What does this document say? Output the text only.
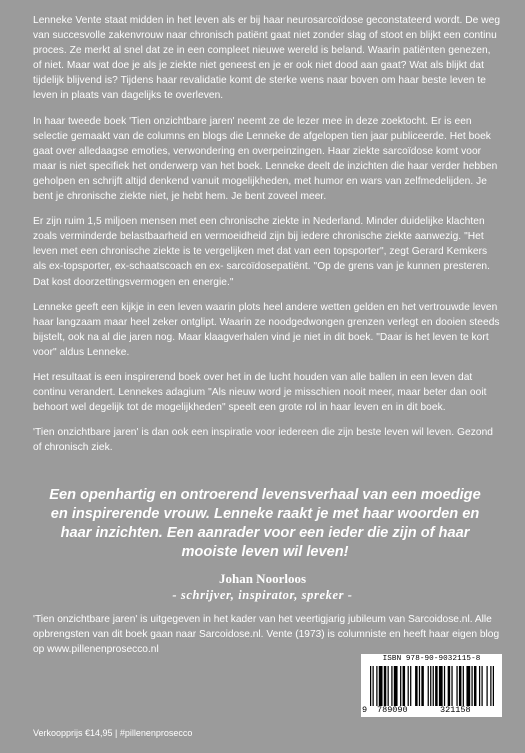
Lenneke Vente staat midden in het leven als er bij haar neurosarcoïdose geconstateerd wordt. De weg van succesvolle zakenvrouw naar chronisch patiënt gaat niet zonder slag of stoot en blijkt een continu proces. Ze merkt al snel dat ze in een compleet nieuwe wereld is beland. Waarin patiënten genezen, of niet. Maar wat doe je als je ziekte niet geneest en je er ook niet dood aan gaat? Wat als blijkt dat tijdelijk blijvend is? Tijdens haar revalidatie komt de sterke wens naar boven om haar beste leven te leven in plaats van dagelijks te overleven.

In haar tweede boek 'Tien onzichtbare jaren' neemt ze de lezer mee in deze zoektocht. Er is een selectie gemaakt van de columns en blogs die Lenneke de afgelopen tien jaar publiceerde. Het boek gaat over alledaagse emoties, verwondering en overpeinzingen. Haar ziekte sarcoïdose komt voor maar is niet specifiek het onderwerp van het boek. Lenneke deelt de inzichten die haar verder hebben geholpen en schrijft altijd denkend vanuit mogelijkheden, met humor en wars van zelfmedelijden. Je bent je chronische ziekte niet, je hebt hem. Je bent zoveel meer.

Er zijn ruim 1,5 miljoen mensen met een chronische ziekte in Nederland. Minder duidelijke klachten zoals verminderde belastbaarheid en vermoeidheid zijn bij iedere chronische ziekte aanwezig. "Het leven met een chronische ziekte is te vergelijken met dat van een topsporter", zegt Gerard Kemkers als ex-topsporter, ex-schaatscoach en ex- sarcoïdosepatiënt. "Op de grens van je kunnen presteren. Dat kost doorzettingsvermogen en energie."

Lenneke geeft een kijkje in een leven waarin plots heel andere wetten gelden en het vertrouwde leven haar langzaam maar heel zeker ontglipt. Waarin ze noodgedwongen grenzen verlegt en dooien steeds bijstelt, ook na al die jaren nog. Maar klaagverhalen vind je niet in dit boek. "Daar is het leven te kort voor" aldus Lenneke.

Het resultaat is een inspirerend boek over het in de lucht houden van alle ballen in een leven dat continu verandert. Lennekes adagium "Als nieuw word je misschien nooit meer, maar beter dan ooit behoort wel degelijk tot de mogelijkheden" speelt een grote rol in haar leven en in dit boek.

'Tien onzichtbare jaren' is dan ook een inspiratie voor iedereen die zijn beste leven wil leven. Gezond of chronisch ziek.

Een openhartig en ontroerend levensverhaal van een moedige en inspirerende vrouw. Lenneke raakt je met haar woorden en haar inzichten. Een aanrader voor een ieder die zijn of haar mooiste leven wil leven!
Johan Noorloos
- schrijver, inspirator, spreker -
'Tien onzichtbare jaren' is uitgegeven in het kader van het veertigjarig jubileum van Sarcoidose.nl. Alle opbrengsten van dit boek gaan naar Sarcoidose.nl. Vente (1973) is columniste en heeft haar eigen blog op www.pillenenprosecco.nl
ISBN 978-90-9032115-8
9 789090	321158
Verkoopprijs €14,95 | #pillenenprosecco
